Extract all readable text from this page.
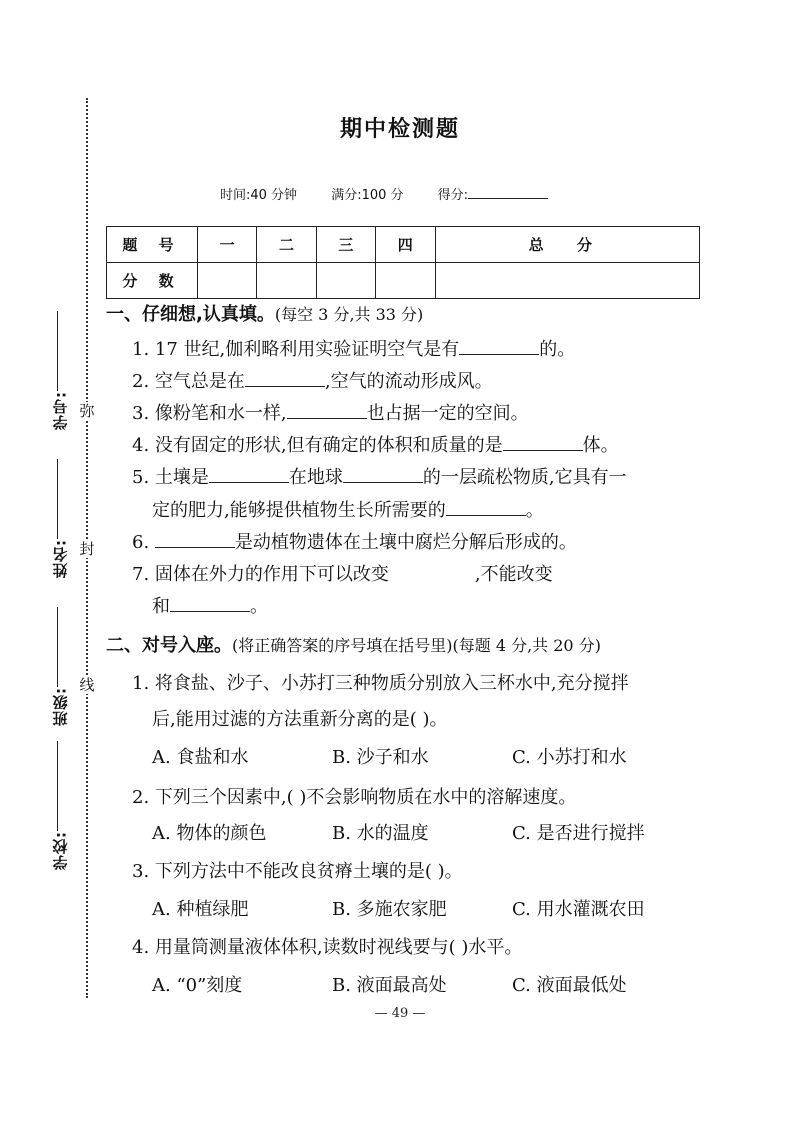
弥
封
线
学号:
姓名:
班级:
学校:
期中检测题
时间:40 分钟	满分:100 分	得分:
题 号	一	二	三	四	总 分
分 数					
一、仔细想,认真填。(每空 3 分,共 33 分)
1. 17 世纪,伽利略利用实验证明空气是有	的。
2. 空气总是在	,空气的流动形成风。
3. 像粉笔和水一样,	也占据一定的空间。
4. 没有固定的形状,但有确定的体积和质量的是	体。
5. 土壤是	在地球	的一层疏松物质,它具有一
定的肥力,能够提供植物生长所需要的	。
6.	是动植物遗体在土壤中腐烂分解后形成的。
7. 固体在外力的作用下可以改变	,不能改变
和	。
二、对号入座。(将正确答案的序号填在括号里)(每题 4 分,共 20 分)
1. 将食盐、沙子、小苏打三种物质分别放入三杯水中,充分搅拌
后,能用过滤的方法重新分离的是( )。
A. 食盐和水	B. 沙子和水	C. 小苏打和水
2. 下列三个因素中,( )不会影响物质在水中的溶解速度。
A. 物体的颜色	B. 水的温度	C. 是否进行搅拌
3. 下列方法中不能改良贫瘠土壤的是( )。
A. 种植绿肥	B. 多施农家肥	C. 用水灌溉农田
4. 用量筒测量液体体积,读数时视线要与( )水平。
A. “0”刻度	B. 液面最高处	C. 液面最低处
— 49 —
